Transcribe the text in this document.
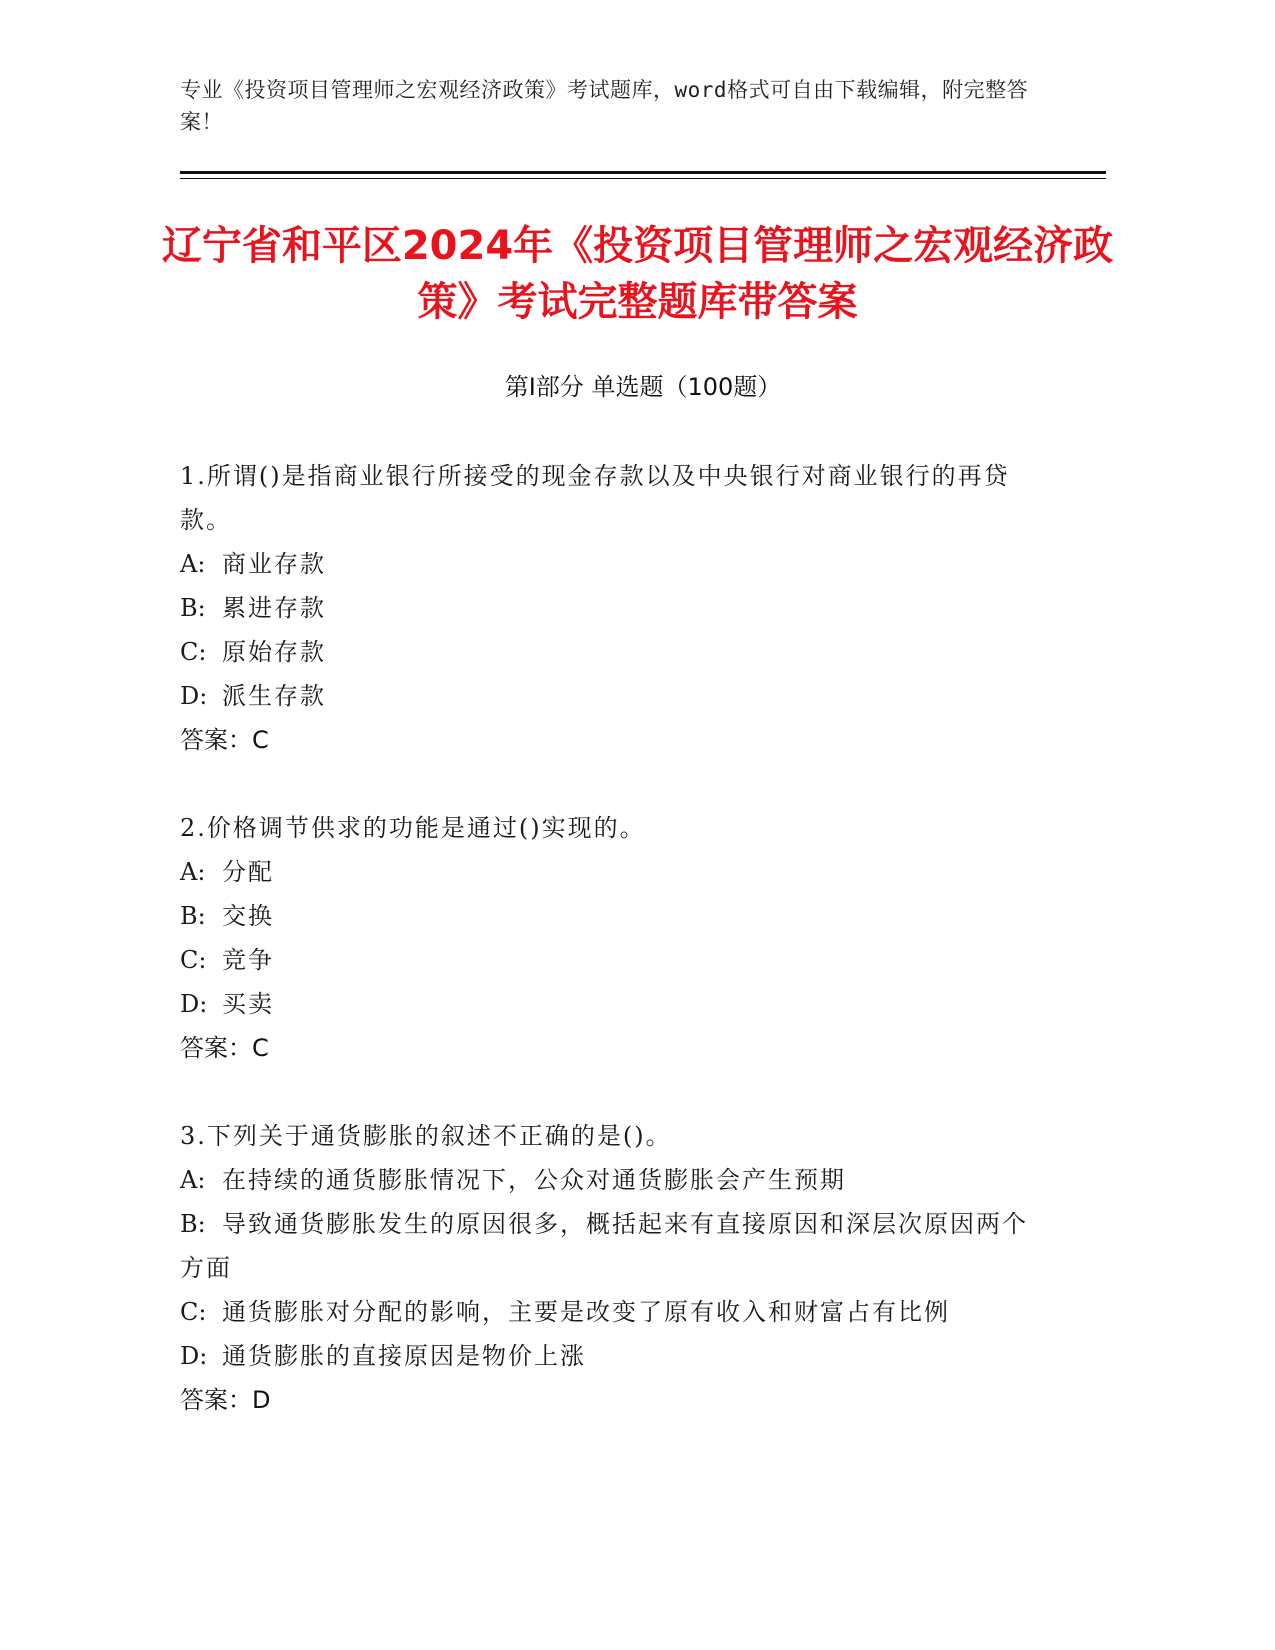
专业《投资项目管理师之宏观经济政策》考试题库，word格式可自由下载编辑，附完整答案！
辽宁省和平区2024年《投资项目管理师之宏观经济政策》考试完整题库带答案
第Ⅰ部分 单选题（100题）
1.所谓()是指商业银行所接受的现金存款以及中央银行对商业银行的再贷款。
A: 商业存款
B: 累进存款
C: 原始存款
D: 派生存款
答案：C
2.价格调节供求的功能是通过()实现的。
A: 分配
B: 交换
C: 竞争
D: 买卖
答案：C
3.下列关于通货膨胀的叙述不正确的是()。
A: 在持续的通货膨胀情况下，公众对通货膨胀会产生预期
B: 导致通货膨胀发生的原因很多，概括起来有直接原因和深层次原因两个方面
C: 通货膨胀对分配的影响，主要是改变了原有收入和财富占有比例
D: 通货膨胀的直接原因是物价上涨
答案：D
